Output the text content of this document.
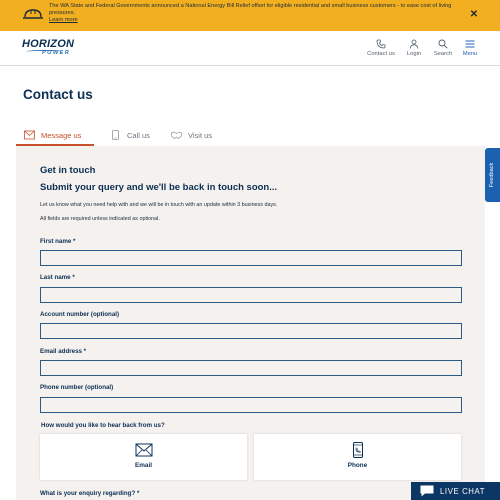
The WA State and Federal Governments announced a National Energy Bill Relief offset for eligible residential and small business customers - to ease cost of living pressures.
Learn more	✕
HORIZON
POWER	Contact us	Login	Search	Menu
Contact us
Message us	Call us	Visit us
Get in touch
Submit your query and we'll be back in touch soon...
Let us know what you need help with and we will be in touch with an update within 3 business days.
All fields are required unless indicated as optional.
First name *
Last name *
Account number (optional)
Email address *
Phone number (optional)
How would you like to hear back from us?
Email	Phone
What is your enquiry regarding? *
Feedback
LIVE CHAT
